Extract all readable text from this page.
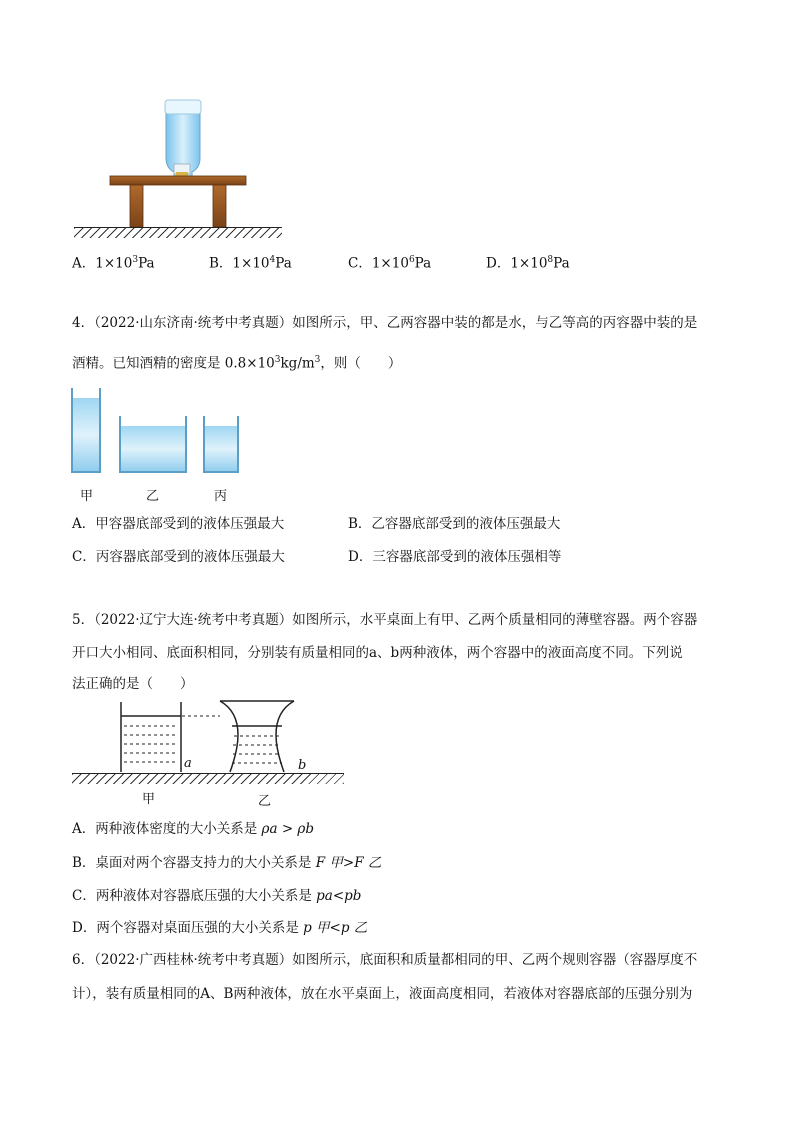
A．$1\times 10^3Pa$	B．$1\times 10^4Pa$	C．$1\times 10^6Pa$	D．$1\times 10^8Pa$
4．（2022·山东济南·统考中考真题）如图所示，甲、乙两容器中装的都是水，与乙等高的丙容器中装的是
酒精。已知酒精的密度是 $0.8\times 10^3kg/m^3$，则（　　）
甲	乙	丙
A．甲容器底部受到的液体压强最大	B．乙容器底部受到的液体压强最大
C．丙容器底部受到的液体压强最大	D．三容器底部受到的液体压强相等
5．（2022·辽宁大连·统考中考真题）如图所示，水平桌面上有甲、乙两个质量相同的薄壁容器。两个容器
开口大小相同、底面积相同，分别装有质量相同的a、b两种液体，两个容器中的液面高度不同。下列说
法正确的是（　　）
a	b
甲	乙
A．两种液体密度的大小关系是 ρa > ρb
B．桌面对两个容器支持力的大小关系是 F 甲>F 乙
C．两种液体对容器底压强的大小关系是 pa<pb
D．两个容器对桌面压强的大小关系是 p 甲<p 乙
6．（2022·广西桂林·统考中考真题）如图所示，底面积和质量都相同的甲、乙两个规则容器（容器厚度不
计），装有质量相同的A、B两种液体，放在水平桌面上，液面高度相同，若液体对容器底部的压强分别为
